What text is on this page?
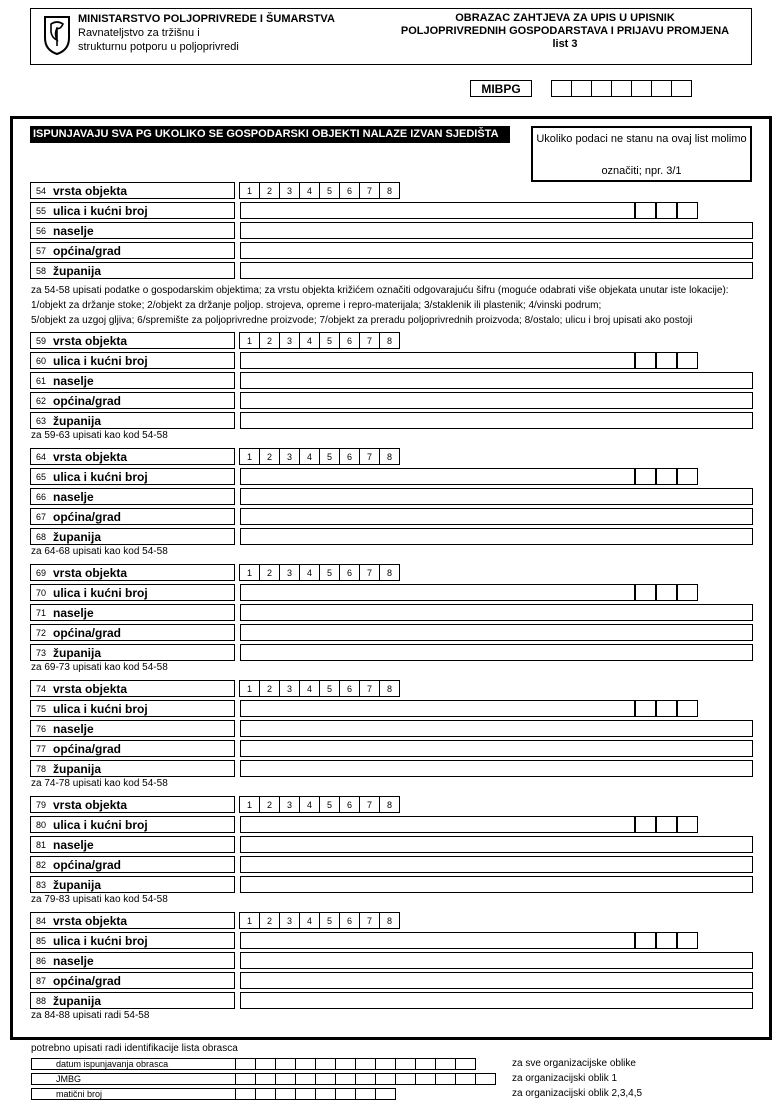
MINISTARSTVO POLJOPRIVREDE I ŠUMARSTVA
Ravnateljstvo za tržišnu i
strukturnu potporu u poljoprivredi
OBRAZAC ZAHTJEVA ZA UPIS U UPISNIK
POLJOPRIVREDNIH GOSPODARSTAVA I PRIJAVU PROMJENA
list 3
MIBPG
ISPUNJAVAJU SVA PG UKOLIKO SE GOSPODARSKI OBJEKTI NALAZE IZVAN SJEDIŠTA	Ukoliko podaci ne stanu na ovaj list molimo
označiti; npr. 3/1
za 54-58 upisati podatke o gospodarskim objektima; za vrstu objekta križićem označiti odgovarajuću šifru (moguće odabrati više objekata unutar iste lokacije):
1/objekt za držanje stoke; 2/objekt za držanje poljop. strojeva, opreme i repro-materijala; 3/staklenik ili plastenik; 4/vinski podrum;
5/objekt za uzgoj gljiva; 6/spremište za poljoprivredne proizvode; 7/objekt za preradu poljoprivrednih proizvoda; 8/ostalo; ulicu i broj upisati ako postoji
54 vrsta objekta	1	2	3	4	5	6	7	8
55 ulica i kućni broj
56 naselje
57 općina/grad
58 županija
59 vrsta objekta	1	2	3	4	5	6	7	8
60 ulica i kućni broj
61 naselje
62 općina/grad
63 županija
za 59-63 upisati kao kod 54-58
64 vrsta objekta	1	2	3	4	5	6	7	8
65 ulica i kućni broj
66 naselje
67 općina/grad
68 županija
za 64-68 upisati kao kod 54-58
69 vrsta objekta	1	2	3	4	5	6	7	8
70 ulica i kućni broj
71 naselje
72 općina/grad
73 županija
za 69-73 upisati kao kod 54-58
74 vrsta objekta	1	2	3	4	5	6	7	8
75 ulica i kućni broj
76 naselje
77 općina/grad
78 županija
za 74-78 upisati kao kod 54-58
79 vrsta objekta	1	2	3	4	5	6	7	8
80 ulica i kućni broj
81 naselje
82 općina/grad
83 županija
za 79-83 upisati kao kod 54-58
84 vrsta objekta	1	2	3	4	5	6	7	8
85 ulica i kućni broj
86 naselje
87 općina/grad
88 županija
za 84-88 upisati radi 54-58
potrebno upisati radi identifikacije lista obrasca
datum ispunjavanja obrasca	za sve organizacijske oblike
JMBG	za organizacijski oblik 1
matični broj	za organizacijski oblik 2,3,4,5
